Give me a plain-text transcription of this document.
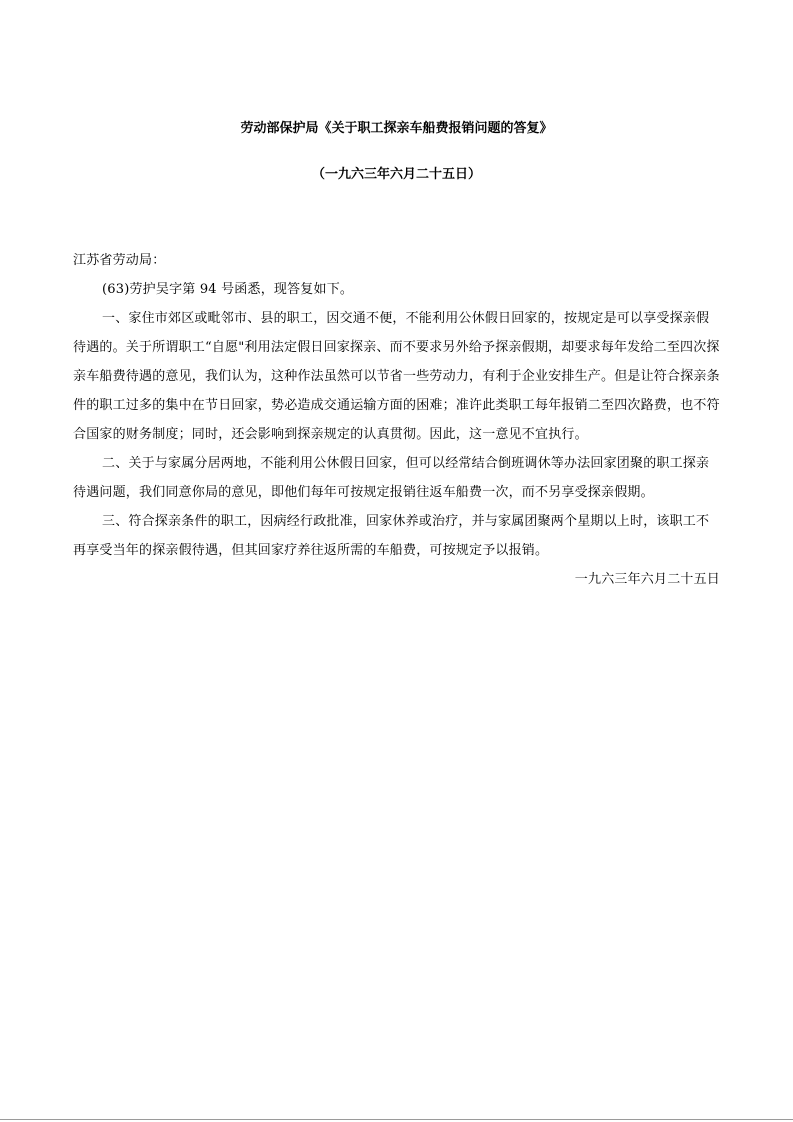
劳动部保护局《关于职工探亲车船费报销问题的答复》
（一九六三年六月二十五日）

江苏省劳动局：

(63)劳护吴字第 94 号函悉，现答复如下。

一、家住市郊区或毗邻市、县的职工，因交通不便，不能利用公休假日回家的，按规定是可以享受探亲假待遇的。关于所谓职工“自愿"利用法定假日回家探亲、而不要求另外给予探亲假期，却要求每年发给二至四次探亲车船费待遇的意见，我们认为，这种作法虽然可以节省一些劳动力，有利于企业安排生产。但是让符合探亲条件的职工过多的集中在节日回家，势必造成交通运输方面的困难；准许此类职工每年报销二至四次路费，也不符合国家的财务制度；同时，还会影响到探亲规定的认真贯彻。因此，这一意见不宜执行。

二、关于与家属分居两地，不能利用公休假日回家，但可以经常结合倒班调休等办法回家团聚的职工探亲待遇问题，我们同意你局的意见，即他们每年可按规定报销往返车船费一次，而不另享受探亲假期。

三、符合探亲条件的职工，因病经行政批准，回家休养或治疗，并与家属团聚两个星期以上时，该职工不再享受当年的探亲假待遇，但其回家疗养往返所需的车船费，可按规定予以报销。

一九六三年六月二十五日
